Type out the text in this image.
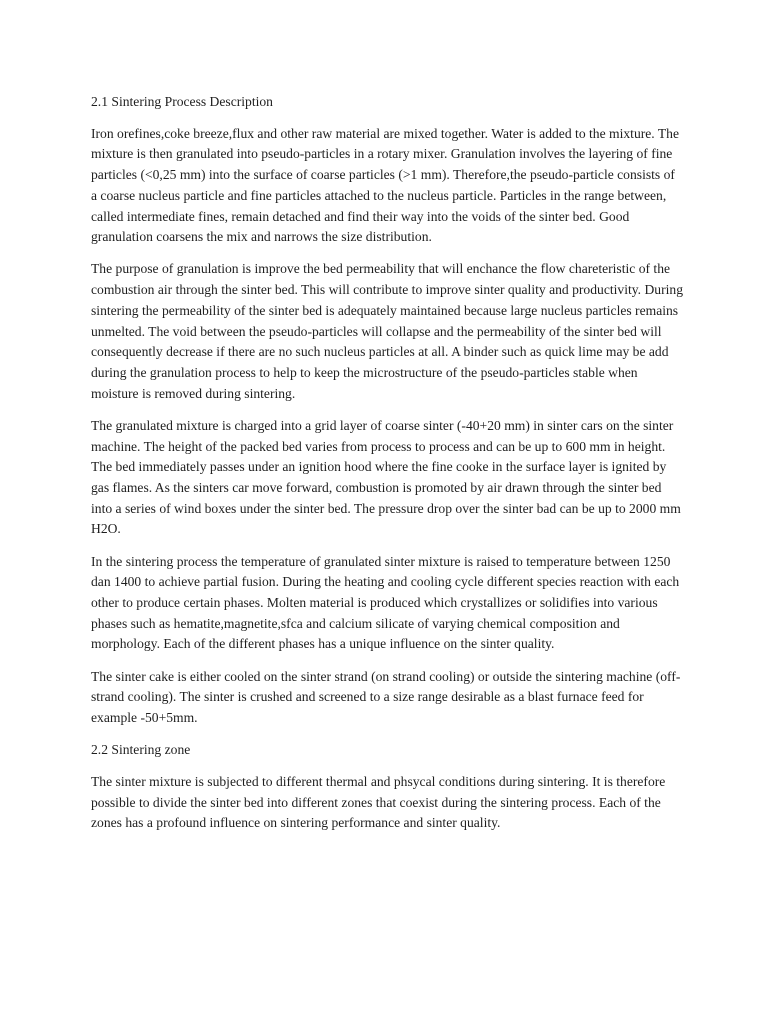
2.1 Sintering Process Description

Iron orefines,coke breeze,flux and other raw material are mixed together. Water is added to the mixture. The mixture is then granulated into pseudo-particles in a rotary mixer. Granulation involves the layering of fine particles (<0,25 mm) into the surface of coarse particles (>1 mm). Therefore,the pseudo-particle consists of a coarse nucleus particle and fine particles attached to the nucleus particle. Particles in the range between, called intermediate fines, remain detached and find their way into the voids of the sinter bed. Good granulation coarsens the mix and narrows the size distribution.

The purpose of granulation is improve the bed permeability that will enchance the flow chareteristic of the combustion air through the sinter bed. This will contribute to improve sinter quality and productivity. During sintering the permeability of the sinter bed is adequately maintained because large nucleus particles remains unmelted. The void between the pseudo-particles will collapse and the permeability of the sinter bed will consequently decrease if there are no such nucleus particles at all. A binder such as quick lime may be add during the granulation process to help to keep the microstructure of the pseudo-particles stable when moisture is removed during sintering.

The granulated mixture is charged into a grid layer of coarse sinter (-40+20 mm) in sinter cars on the sinter machine. The height of the packed bed varies from process to process and can be up to 600 mm in height. The bed immediately passes under an ignition hood where the fine cooke in the surface layer is ignited by gas flames. As the sinters car move forward, combustion is promoted by air drawn through the sinter bed into a series of wind boxes under the sinter bed. The pressure drop over the sinter bad can be up to 2000 mm H2O.

In the sintering process the temperature of granulated sinter mixture is raised to temperature between 1250 dan 1400 to achieve partial fusion. During the heating and cooling cycle different species reaction with each other to produce certain phases. Molten material is produced which crystallizes or solidifies into various phases such as hematite,magnetite,sfca and calcium silicate of varying chemical composition and morphology. Each of the different phases has a unique influence on the sinter quality.

The sinter cake is either cooled on the sinter strand (on strand cooling) or outside the sintering machine (off-strand cooling). The sinter is crushed and screened to a size range desirable as a blast furnace feed for example -50+5mm.

2.2 Sintering zone

The sinter mixture is subjected to different thermal and phsycal conditions during sintering. It is therefore possible to divide the sinter bed into different zones that coexist during the sintering process. Each of the zones has a profound influence on sintering performance and sinter quality.
